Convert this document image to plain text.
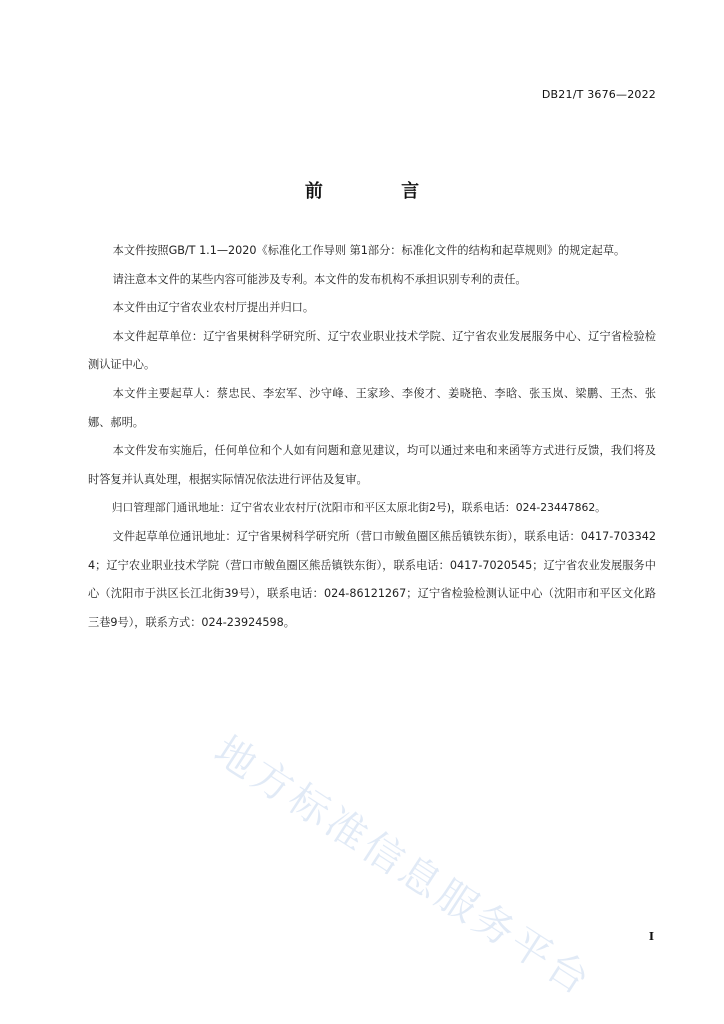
DB21/T 3676—2022
前 言

本文件按照GB/T 1.1—2020《标准化工作导则 第1部分：标准化文件的结构和起草规则》的规定起草。

请注意本文件的某些内容可能涉及专利。本文件的发布机构不承担识别专利的责任。

本文件由辽宁省农业农村厅提出并归口。

本文件起草单位：辽宁省果树科学研究所、辽宁农业职业技术学院、辽宁省农业发展服务中心、辽宁省检验检测认证中心。

本文件主要起草人：蔡忠民、李宏军、沙守峰、王家珍、李俊才、姜晓艳、李晗、张玉岚、梁鹏、王杰、张娜、郝明。

本文件发布实施后，任何单位和个人如有问题和意见建议，均可以通过来电和来函等方式进行反馈，我们将及时答复并认真处理，根据实际情况依法进行评估及复审。

归口管理部门通讯地址：辽宁省农业农村厅(沈阳市和平区太原北街2号)，联系电话：024-23447862。

文件起草单位通讯地址：辽宁省果树科学研究所（营口市鲅鱼圈区熊岳镇铁东街），联系电话：0417-7033424；辽宁农业职业技术学院（营口市鲅鱼圈区熊岳镇铁东街），联系电话：0417-7020545；辽宁省农业发展服务中心（沈阳市于洪区长江北街39号），联系电话：024-86121267；辽宁省检验检测认证中心（沈阳市和平区文化路三巷9号），联系方式：024-23924598。

地方标准信息服务平台	I
